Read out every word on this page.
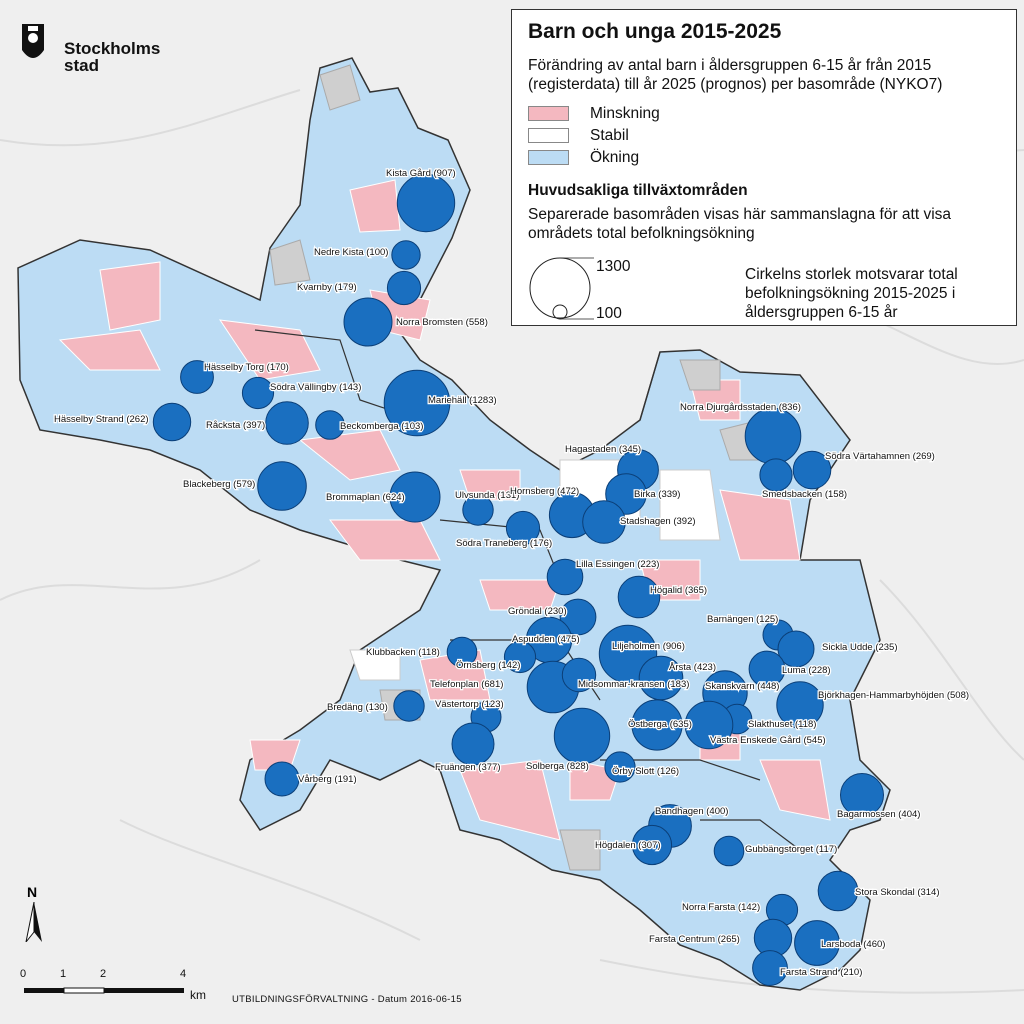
Kista Gård (907)
Nedre Kista (100)
Kvarnby (179)
Norra Bromsten (558)
Hässelby Torg (170)
Södra Vällingby (143)
Mariehäll (1283)
Hässelby Strand (262)
Råcksta (397)	Beckomberga (103)
Blackeberg (579)
Brommaplan (624)	Ulvsunda (131)
Södra Traneberg (176)
Hornsberg (472)
Hagastaden (345)
Birka (339)
Stadshagen (392)
Norra Djurgårdsstaden (836)
Smedsbacken (158)
Södra Värtahamnen (269)
Lilla Essingen (223)
Högalid (365)
Gröndal (230)
Barnängen (125)
Sickla Udde (235)
Klubbacken (118)
Aspudden (475)
Liljeholmen (906)
Årsta (423)	Luma (228)
Örnsberg (142)
Telefonplan (681)	Midsommar-kransen (183) Skanskvarn (448)
Björkhagen-Hammarbyhöjden (508)
Bredäng (130)	Västertorp (123)
Slakthuset (118)
Östberga (635)
Västra Enskede Gård (545)
Fruängen (377)	Solberga (828)
Vårberg (191)
Örby Slott (126)
Bagarmossen (404)
Bandhagen (400)
Högdalen (307)	Gubbängstorget (117)
Stora Skondal (314)
Norra Farsta (142)
Farsta Centrum (265)	Larsboda (460)
Farsta Strand (210)
Stockholms
stad
Barn och unga 2015-2025
Förändring av antal barn i åldersgruppen 6-15 år från 2015 (registerdata) till år 2025 (prognos) per basområde (NYKO7)
Minskning
Stabil
Ökning
Huvudsakliga tillväxtområden
Separerade basområden visas här sammanslagna för att visa områdets total befolkningsökning
1300
100
Cirkelns storlek motsvarar total befolkningsökning 2015-2025 i åldersgruppen 6-15 år
N
0	1	2	4
km	UTBILDNINGSFÖRVALTNING - Datum 2016-06-15
